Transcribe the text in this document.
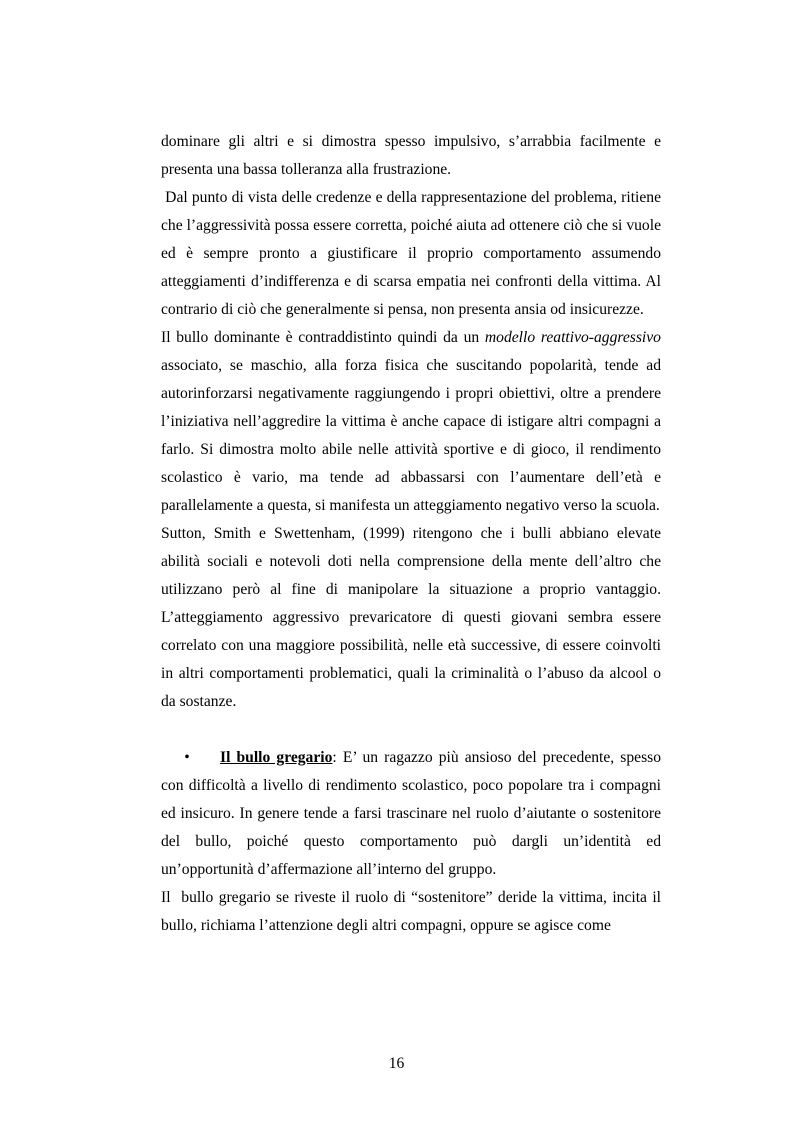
dominare gli altri e si dimostra spesso impulsivo, s’arrabbia facilmente e presenta una bassa tolleranza alla frustrazione.

Dal punto di vista delle credenze e della rappresentazione del problema, ritiene che l’aggressività possa essere corretta, poiché aiuta ad ottenere ciò che si vuole ed è sempre pronto a giustificare il proprio comportamento assumendo atteggiamenti d’indifferenza e di scarsa empatia nei confronti della vittima. Al contrario di ciò che generalmente si pensa, non presenta ansia od insicurezze.

Il bullo dominante è contraddistinto quindi da un modello reattivo-aggressivo associato, se maschio, alla forza fisica che suscitando popolarità, tende ad autorinforzarsi negativamente raggiungendo i propri obiettivi, oltre a prendere l’iniziativa nell’aggredire la vittima è anche capace di istigare altri compagni a farlo. Si dimostra molto abile nelle attività sportive e di gioco, il rendimento scolastico è vario, ma tende ad abbassarsi con l’aumentare dell’età e parallelamente a questa, si manifesta un atteggiamento negativo verso la scuola.

Sutton, Smith e Swettenham, (1999) ritengono che i bulli abbiano elevate abilità sociali e notevoli doti nella comprensione della mente dell’altro che utilizzano però al fine di manipolare la situazione a proprio vantaggio. L’atteggiamento aggressivo prevaricatore di questi giovani sembra essere correlato con una maggiore possibilità, nelle età successive, di essere coinvolti in altri comportamenti problematici, quali la criminalità o l’abuso da alcool o da sostanze.

• Il bullo gregario: E’ un ragazzo più ansioso del precedente, spesso con difficoltà a livello di rendimento scolastico, poco popolare tra i compagni ed insicuro. In genere tende a farsi trascinare nel ruolo d’aiutante o sostenitore del bullo, poiché questo comportamento può dargli un’identità ed un’opportunità d’affermazione all’interno del gruppo.

Il  bullo gregario se riveste il ruolo di “sostenitore” deride la vittima, incita il bullo, richiama l’attenzione degli altri compagni, oppure se agisce come

16
